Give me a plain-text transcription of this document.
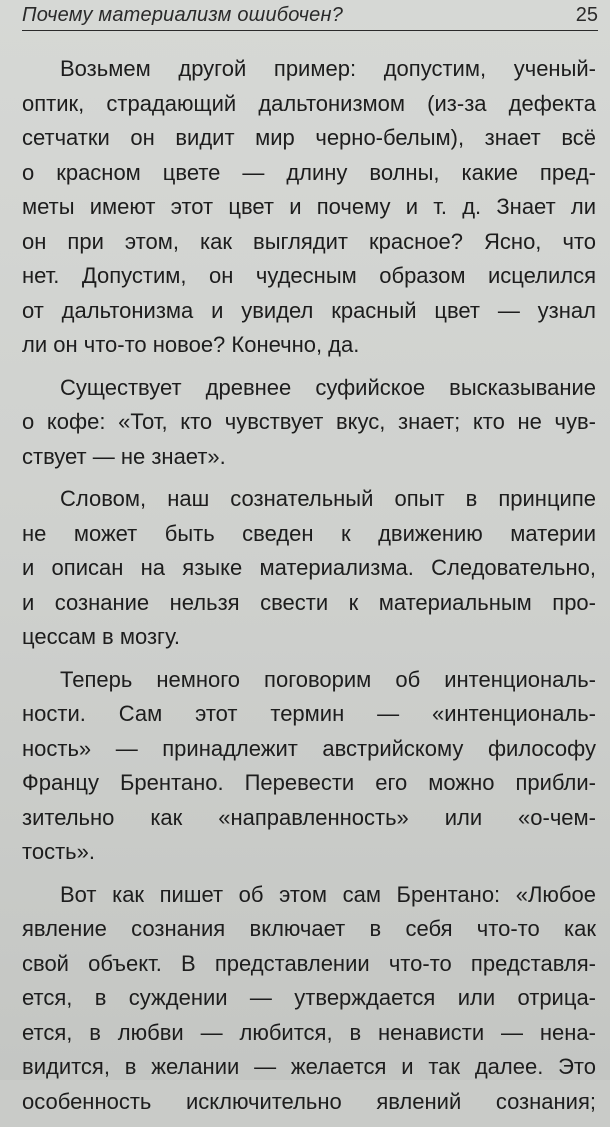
Почему материализм ошибочен?	25

Возьмем другой пример: допустим, ученый-
оптик, страдающий дальтонизмом (из-за дефекта
сетчатки он видит мир черно-белым), знает всё
о красном цвете — длину волны, какие пред-
меты имеют этот цвет и почему и т. д. Знает ли
он при этом, как выглядит красное? Ясно, что
нет. Допустим, он чудесным образом исцелился
от дальтонизма и увидел красный цвет — узнал
ли он что-то новое? Конечно, да.

Существует древнее суфийское высказывание
о кофе: «Тот, кто чувствует вкус, знает; кто не чув-
ствует — не знает».

Словом, наш сознательный опыт в принципе
не может быть сведен к движению материи
и описан на языке материализма. Следовательно,
и сознание нельзя свести к материальным про-
цессам в мозгу.

Теперь немного поговорим об интенциональ-
ности. Сам этот термин — «интенциональ-
ность» — принадлежит австрийскому философу
Францу Брентано. Перевести его можно прибли-
зительно как «направленность» или «о-чем-
тость».

Вот как пишет об этом сам Брентано: «Любое
явление сознания включает в себя что-то как
свой объект. В представлении что-то представля-
ется, в суждении — утверждается или отрица-
ется, в любви — любится, в ненависти — нена-
видится, в желании — желается и так далее. Это
особенность исключительно явлений сознания;
